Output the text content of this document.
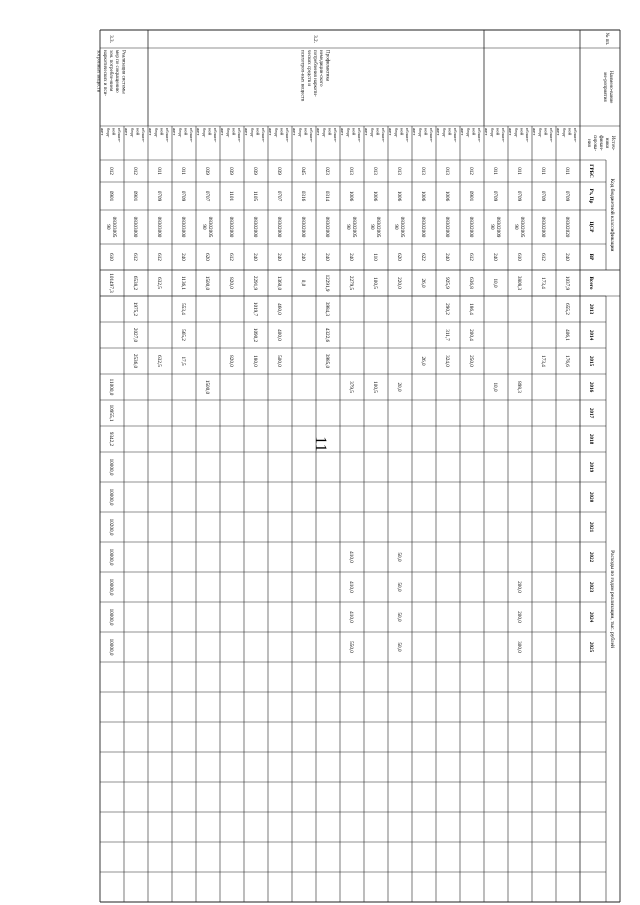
11
№ пп.
Наимено-вание
ме-роприятия
Источ-
ники
финан-
сирова-
ния
Код бюджетной классификации
Расходы по годам реализации, тыс. рублей
ГРБС
Рз, Пр
ЦСР
ВР
Всего
2013
2014
2015
2016
2017
2018
2019
2020
2021
2022
2023
2024
2025
3.2.
Профилактика
немедицин-ского
потребления наркоти-
ческих средств и
психотроп-ных веществ
3.3.
Реализация системы
мер по сокращению
зон. потребле-нием
наркотических и пси-
хотропных веществ
област-
ной
бюд-
жет
011
0709
08302020
240
1037,9
655,2
406,1
176,6
област-
ной
бюд-
жет
011
0709
08302000
612
173,4
173,4
област-
ной
бюд-
жет
011
0709
08302005
90
610
3808,3
898,3
200,0
200,0
300,0
област-
ной
бюд-
жет
011
0709
08302009
90
240
10,0
10,0
област-
ной
бюд-
жет
012
0901
08302000
612
636,8
186,4
200,4
250,0
област-
ной
бюд-
жет
013
1006
08302000
240
925,9
290,2
311,7
324,0
област-
ной
бюд-
жет
013
1006
08302000
622
26,0
26,0
област-
ной
бюд-
жет
013
1006
08302005
90
620
220,0
20,0
50,0
50,0
50,0
50,0
област-
ной
бюд-
жет
013
1006
08302005
90
110
100,5
100,5
област-
ной
бюд-
жет
013
1006
08302005
90
240
2279,5
379,5
410,0
410,0
410,0
550,0
област-
ной
бюд-
жет
023
0314
08302000
240
12291,9
3984,3
4322,6
3985,0
област-
ной
бюд-
жет
045
0316
08302000
240
0,0
област-
ной
бюд-
жет
039
0707
08302000
240
1360,0
460,0
400,0
500,0
област-
ной
бюд-
жет
039
1105
08302000
240
2291,9
1019,7
1090,2
180,0
област-
ной
бюд-
жет
039
1101
08302000
612
820,0
820,0
област-
ной
бюд-
жет
039
0707
08302005
90
620
1500,0
1500,0
област-
ной
бюд-
жет
011
0709
08303000
240
1136,1
553,4
565,2
17,5
област-
ной
бюд-
жет
011
0709
08303000
612
632,5
632,5
област-
ной
бюд-
жет
012
0901
08303000
612
6538,2
1975,2
2027,0
2536,0
област-
ной
бюд-
жет
012
0901
08303005
90
610
101497,3
11000,0
10955,1
9342,2
10000,0
10000,0
10200,0
10000,0
10000,0
10000,0
10000,0
